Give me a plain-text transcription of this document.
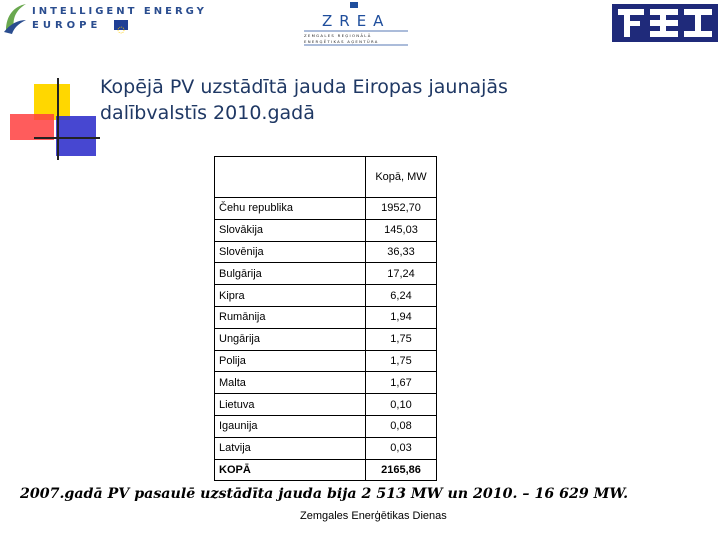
INTELLIGENT ENERGY
EUROPE	ZREA
ZEMGALES REĢIONĀLĀ
ENERĢĒTIKAS AĢENTŪRA
Kopējā PV uzstādītā jauda Eiropas jaunajās
dalībvalstīs 2010.gadā
	Kopā, MW
Čehu republika	1952,70
Slovākija	145,03
Slovēnija	36,33
Bulgārija	17,24
Kipra	6,24
Rumānija	1,94
Ungārija	1,75
Polija	1,75
Malta	1,67
Lietuva	0,10
Igaunija	0,08
Latvija	0,03
KOPĀ	2165,86
2007.gadā PV pasaulē uzstādīta jauda bija 2 513 MW un 2010. – 16 629 MW.
Zemgales Enerģētikas Dienas
